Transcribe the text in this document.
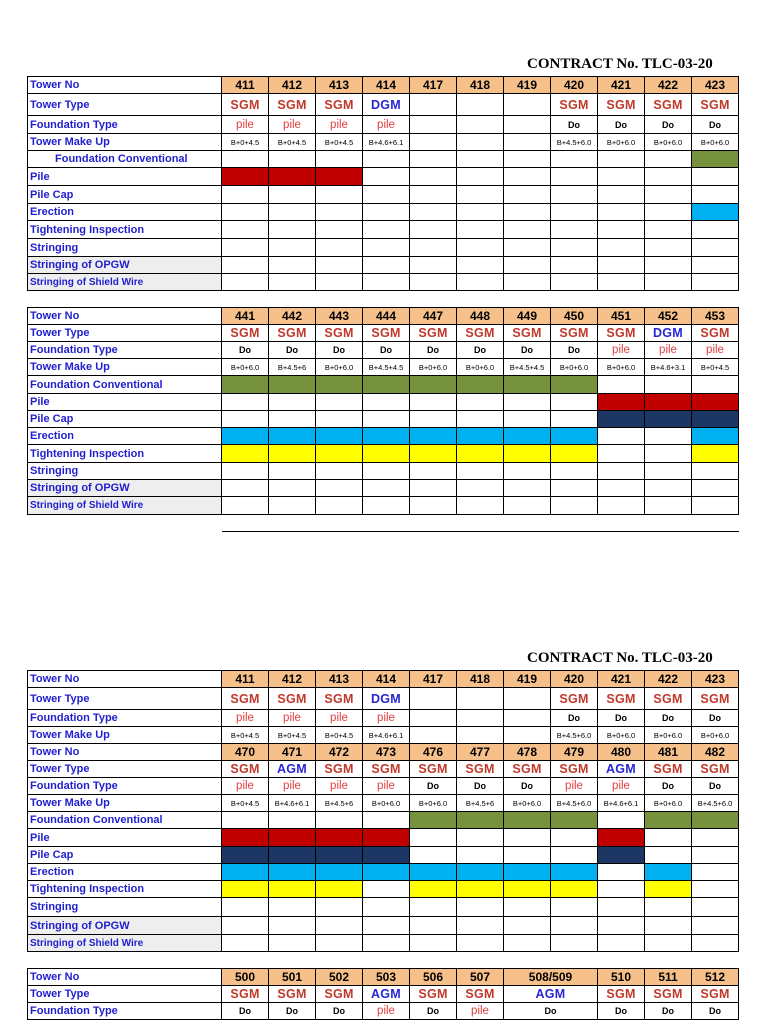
CONTRACT No. TLC-03-20
CONTRACT No. TLC-03-20
Tower No	411	412	413	414	417	418	419	420	421	422	423
Tower Type	SGM	SGM	SGM	DGM				SGM	SGM	SGM	SGM
Foundation Type	pile	pile	pile	pile				Do	Do	Do	Do
Tower Make Up	B+0+4.5	B+0+4.5	B+0+4.5	B+4.6+6.1				B+4.5+6.0	B+0+6.0	B+0+6.0	B+0+6.0
Foundation Conventional											
Pile											
Pile Cap											
Erection											
Tightening Inspection											
Stringing											
Stringing of OPGW											
Stringing of Shield Wire											

Tower No	441	442	443	444	447	448	449	450	451	452	453
Tower Type	SGM	SGM	SGM	SGM	SGM	SGM	SGM	SGM	SGM	DGM	SGM
Foundation Type	Do	Do	Do	Do	Do	Do	Do	Do	pile	pile	pile
Tower Make Up	B+0+6.0	B+4.5+6	B+0+6.0	B+4.5+4.5	B+0+6.0	B+0+6.0	B+4.5+4.5	B+0+6.0	B+0+6.0	B+4.6+3.1	B+0+4.5
Foundation Conventional											
Pile											
Pile Cap											
Erection											
Tightening Inspection											
Stringing											
Stringing of OPGW											
Stringing of Shield Wire											

Tower No	411	412	413	414	417	418	419	420	421	422	423
Tower Type	SGM	SGM	SGM	DGM				SGM	SGM	SGM	SGM
Foundation Type	pile	pile	pile	pile				Do	Do	Do	Do
Tower Make Up	B+0+4.5	B+0+4.5	B+0+4.5	B+4.6+6.1				B+4.5+6.0	B+0+6.0	B+0+6.0	B+0+6.0
Tower No	470	471	472	473	476	477	478	479	480	481	482
Tower Type	SGM	AGM	SGM	SGM	SGM	SGM	SGM	SGM	AGM	SGM	SGM
Foundation Type	pile	pile	pile	pile	Do	Do	Do	pile	pile	Do	Do
Tower Make Up	B+0+4.5	B+4.6+6.1	B+4.5+6	B+0+6.0	B+0+6.0	B+4.5+6	B+0+6.0	B+4.5+6.0	B+4.6+6.1	B+0+6.0	B+4.5+6.0
Foundation Conventional											
Pile											
Pile Cap											
Erection											
Tightening Inspection											
Stringing											
Stringing of OPGW											
Stringing of Shield Wire											

Tower No	500	501	502	503	506	507	508/509		510	511	512
Tower Type	SGM	SGM	SGM	AGM	SGM	SGM	AGM		SGM	SGM	SGM
Foundation Type	Do	Do	Do	pile	Do	pile	Do		Do	Do	Do
